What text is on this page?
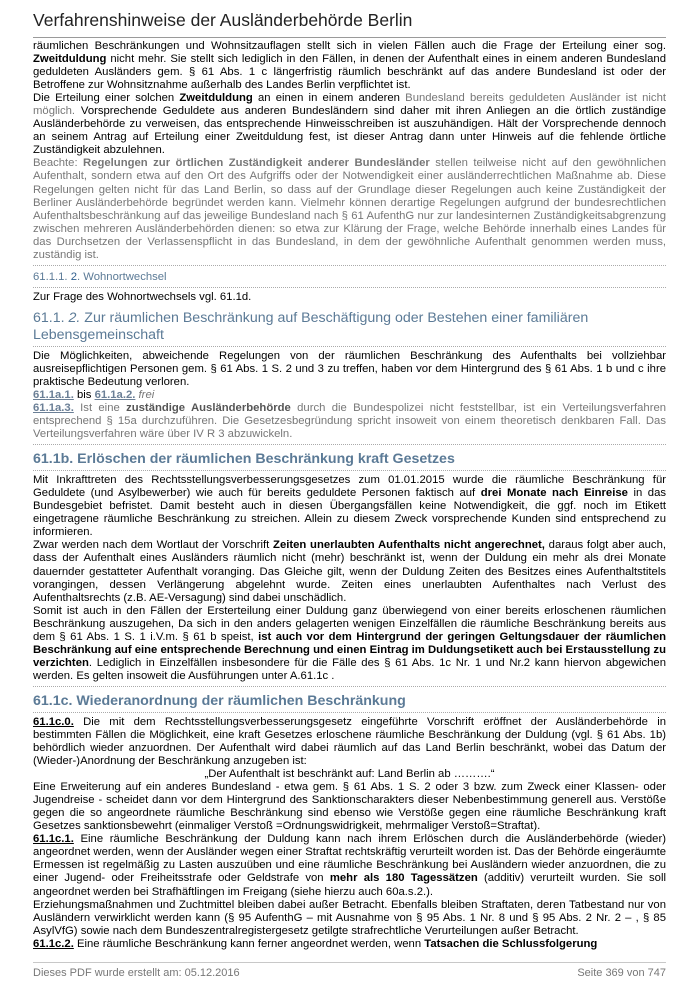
Verfahrenshinweise der Ausländerbehörde Berlin

räumlichen Beschränkungen und Wohnsitzauflagen stellt sich in vielen Fällen auch die Frage der Erteilung einer sog. Zweitduldung nicht mehr. Sie stellt sich lediglich in den Fällen, in denen der Aufenthalt eines in einem anderen Bundesland geduldeten Ausländers gem. § 61 Abs. 1 c längerfristig räumlich beschränkt auf das andere Bundesland ist oder der Betroffene zur Wohnsitznahme außerhalb des Landes Berlin verpflichtet ist.

Die Erteilung einer solchen Zweitduldung an einen in einem anderen Bundesland bereits geduldeten Ausländer ist nicht möglich. Vorsprechende Geduldete aus anderen Bundesländern sind daher mit ihren Anliegen an die örtlich zuständige Ausländerbehörde zu verweisen, das entsprechende Hinweisschreiben ist auszuhändigen. Hält der Vorsprechende dennoch an seinem Antrag auf Erteilung einer Zweitduldung fest, ist dieser Antrag dann unter Hinweis auf die fehlende örtliche Zuständigkeit abzulehnen.

Beachte: Regelungen zur örtlichen Zuständigkeit anderer Bundesländer stellen teilweise nicht auf den gewöhnlichen Aufenthalt, sondern etwa auf den Ort des Aufgriffs oder der Notwendigkeit einer ausländerrechtlichen Maßnahme ab. Diese Regelungen gelten nicht für das Land Berlin, so dass auf der Grundlage dieser Regelungen auch keine Zuständigkeit der Berliner Ausländerbehörde begründet werden kann. Vielmehr können derartige Regelungen aufgrund der bundesrechtlichen Aufenthaltsbeschränkung auf das jeweilige Bundesland nach § 61 AufenthG nur zur landesinternen Zuständigkeitsabgrenzung zwischen mehreren Ausländerbehörden dienen: so etwa zur Klärung der Frage, welche Behörde innerhalb eines Landes für das Durchsetzen der Verlassenspflicht in das Bundesland, in dem der gewöhnliche Aufenthalt genommen werden muss, zuständig ist.

61.1.1. 2. Wohnortwechsel

Zur Frage des Wohnortwechsels vgl. 61.1d.

61.1. 2. Zur räumlichen Beschränkung auf Beschäftigung oder Bestehen einer familiären Lebensgemeinschaft

Die Möglichkeiten, abweichende Regelungen von der räumlichen Beschränkung des Aufenthalts bei vollziehbar ausreisepflichtigen Personen gem. § 61 Abs. 1 S. 2 und 3 zu treffen, haben vor dem Hintergrund des § 61 Abs. 1 b und c ihre praktische Bedeutung verloren.

61.1a.1. bis 61.1a.2. frei

61.1a.3. Ist eine zuständige Ausländerbehörde durch die Bundespolizei nicht feststellbar, ist ein Verteilungsverfahren entsprechend § 15a durchzuführen. Die Gesetzesbegründung spricht insoweit von einem theoretisch denkbaren Fall. Das Verteilungsverfahren wäre über IV R 3 abzuwickeln.

61.1b. Erlöschen der räumlichen Beschränkung kraft Gesetzes

Mit Inkrafttreten des Rechtsstellungsverbesserungsgesetzes zum 01.01.2015 wurde die räumliche Beschränkung für Geduldete (und Asylbewerber) wie auch für bereits geduldete Personen faktisch auf drei Monate nach Einreise in das Bundesgebiet befristet. Damit besteht auch in diesen Übergangsfällen keine Notwendigkeit, die ggf. noch im Etikett eingetragene räumliche Beschränkung zu streichen. Allein zu diesem Zweck vorsprechende Kunden sind entsprechend zu informieren.

Zwar werden nach dem Wortlaut der Vorschrift Zeiten unerlaubten Aufenthalts nicht angerechnet, daraus folgt aber auch, dass der Aufenthalt eines Ausländers räumlich nicht (mehr) beschränkt ist, wenn der Duldung ein mehr als drei Monate dauernder gestatteter Aufenthalt voranging. Das Gleiche gilt, wenn der Duldung Zeiten des Besitzes eines Aufenthaltstitels vorangingen, dessen Verlängerung abgelehnt wurde. Zeiten eines unerlaubten Aufenthaltes nach Verlust des Aufenthaltsrechts (z.B. AE-Versagung) sind dabei unschädlich.

Somit ist auch in den Fällen der Ersterteilung einer Duldung ganz überwiegend von einer bereits erloschenen räumlichen Beschränkung auszugehen, Da sich in den anders gelagerten wenigen Einzelfällen die räumliche Beschränkung bereits aus dem § 61 Abs. 1 S. 1 i.V.m. § 61 b speist, ist auch vor dem Hintergrund der geringen Geltungsdauer der räumlichen Beschränkung auf eine entsprechende Berechnung und einen Eintrag im Duldungsetikett auch bei Erstausstellung zu verzichten. Lediglich in Einzelfällen insbesondere für die Fälle des § 61 Abs. 1c Nr. 1 und Nr.2 kann hiervon abgewichen werden. Es gelten insoweit die Ausführungen unter A.61.1c .

61.1c. Wiederanordnung der räumlichen Beschränkung

61.1c.0. Die mit dem Rechtsstellungsverbesserungsgesetz eingeführte Vorschrift eröffnet der Ausländerbehörde in bestimmten Fällen die Möglichkeit, eine kraft Gesetzes erloschene räumliche Beschränkung der Duldung (vgl. § 61 Abs. 1b) behördlich wieder anzuordnen. Der Aufenthalt wird dabei räumlich auf das Land Berlin beschränkt, wobei das Datum der (Wieder-)Anordnung der Beschränkung anzugeben ist:

„Der Aufenthalt ist beschränkt auf: Land Berlin ab ……….“

Eine Erweiterung auf ein anderes Bundesland - etwa gem. § 61 Abs. 1 S. 2 oder 3 bzw. zum Zweck einer Klassen- oder Jugendreise - scheidet dann vor dem Hintergrund des Sanktionscharakters dieser Nebenbestimmung generell aus. Verstöße gegen die so angeordnete räumliche Beschränkung sind ebenso wie Verstöße gegen eine räumliche Beschränkung kraft Gesetzes sanktionsbewehrt (einmaliger Verstoß =Ordnungswidrigkeit, mehrmaliger Verstoß=Straftat).

61.1c.1. Eine räumliche Beschränkung der Duldung kann nach ihrem Erlöschen durch die Ausländerbehörde (wieder) angeordnet werden, wenn der Ausländer wegen einer Straftat rechtskräftig verurteilt worden ist. Das der Behörde eingeräumte Ermessen ist regelmäßig zu Lasten auszuüben und eine räumliche Beschränkung bei Ausländern wieder anzuordnen, die zu einer Jugend- oder Freiheitsstrafe oder Geldstrafe von mehr als 180 Tagessätzen (additiv) verurteilt wurden. Sie soll angeordnet werden bei Strafhäftlingen im Freigang (siehe hierzu auch 60a.s.2.).

Erziehungsmaßnahmen und Zuchtmittel bleiben dabei außer Betracht. Ebenfalls bleiben Straftaten, deren Tatbestand nur von Ausländern verwirklicht werden kann (§ 95 AufenthG – mit Ausnahme von § 95 Abs. 1 Nr. 8 und § 95 Abs. 2 Nr. 2 – , § 85 AsylVfG) sowie nach dem Bundeszentralregistergesetz getilgte strafrechtliche Verurteilungen außer Betracht.

61.1c.2. Eine räumliche Beschränkung kann ferner angeordnet werden, wenn Tatsachen die Schlussfolgerung

Dieses PDF wurde erstellt am: 05.12.2016	Seite 369 von 747
